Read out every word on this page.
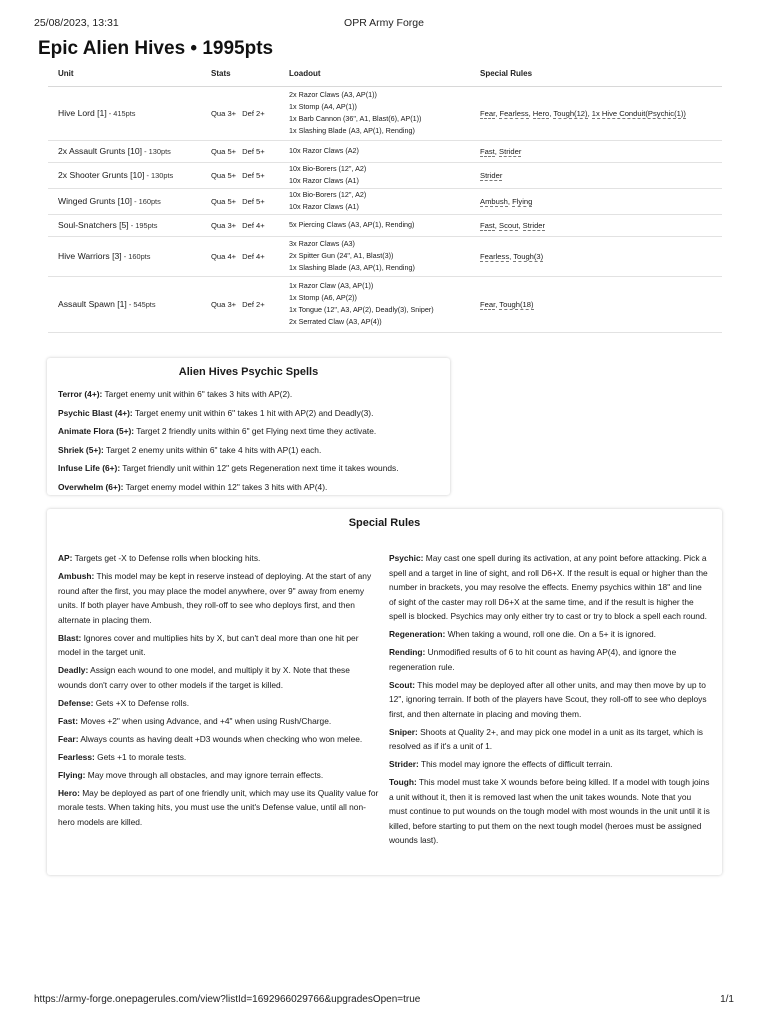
25/08/2023, 13:31	OPR Army Forge
Epic Alien Hives • 1995pts
Unit	Stats	Loadout	Special Rules
Hive Lord [1] - 415pts	Qua 3+ Def 2+	2x Razor Claws (A3, AP(1))
1x Stomp (A4, AP(1))
1x Barb Cannon (36", A1, Blast(6), AP(1))
1x Slashing Blade (A3, AP(1), Rending)	Fear, Fearless, Hero, Tough(12), 1x Hive Conduit(Psychic(1))
2x Assault Grunts [10] - 130pts	Qua 5+ Def 5+	10x Razor Claws (A2)	Fast, Strider
2x Shooter Grunts [10] - 130pts	Qua 5+ Def 5+	10x Bio-Borers (12", A2)
10x Razor Claws (A1)	Strider
Winged Grunts [10] - 160pts	Qua 5+ Def 5+	10x Bio-Borers (12", A2)
10x Razor Claws (A1)	Ambush, Flying
Soul-Snatchers [5] - 195pts	Qua 3+ Def 4+	5x Piercing Claws (A3, AP(1), Rending)	Fast, Scout, Strider
Hive Warriors [3] - 160pts	Qua 4+ Def 4+	3x Razor Claws (A3)
2x Spitter Gun (24", A1, Blast(3))
1x Slashing Blade (A3, AP(1), Rending)	Fearless, Tough(3)
Assault Spawn [1] - 545pts	Qua 3+ Def 2+	1x Razor Claw (A3, AP(1))
1x Stomp (A6, AP(2))
1x Tongue (12", A3, AP(2), Deadly(3), Sniper)
2x Serrated Claw (A3, AP(4))	Fear, Tough(18)
Alien Hives Psychic Spells
Terror (4+): Target enemy unit within 6" takes 3 hits with AP(2).
Psychic Blast (4+): Target enemy unit within 6" takes 1 hit with AP(2) and Deadly(3).
Animate Flora (5+): Target 2 friendly units within 6" get Flying next time they activate.
Shriek (5+): Target 2 enemy units within 6" take 4 hits with AP(1) each.
Infuse Life (6+): Target friendly unit within 12" gets Regeneration next time it takes wounds.
Overwhelm (6+): Target enemy model within 12" takes 3 hits with AP(4).
Special Rules
AP: Targets get -X to Defense rolls when blocking hits.
Ambush: This model may be kept in reserve instead of deploying. At the start of any round after the first, you may place the model anywhere, over 9" away from enemy units. If both player have Ambush, they roll-off to see who deploys first, and then alternate in placing them.
Blast: Ignores cover and multiplies hits by X, but can't deal more than one hit per model in the target unit.
Deadly: Assign each wound to one model, and multiply it by X. Note that these wounds don't carry over to other models if the target is killed.
Defense: Gets +X to Defense rolls.
Fast: Moves +2" when using Advance, and +4" when using Rush/Charge.
Fear: Always counts as having dealt +D3 wounds when checking who won melee.
Fearless: Gets +1 to morale tests.
Flying: May move through all obstacles, and may ignore terrain effects.
Hero: May be deployed as part of one friendly unit, which may use its Quality value for morale tests. When taking hits, you must use the unit's Defense value, until all non-hero models are killed.
Psychic: May cast one spell during its activation, at any point before attacking. Pick a spell and a target in line of sight, and roll D6+X. If the result is equal or higher than the number in brackets, you may resolve the effects. Enemy psychics within 18" and line of sight of the caster may roll D6+X at the same time, and if the result is higher the spell is blocked. Psychics may only either try to cast or try to block a spell each round.
Regeneration: When taking a wound, roll one die. On a 5+ it is ignored.
Rending: Unmodified results of 6 to hit count as having AP(4), and ignore the regeneration rule.
Scout: This model may be deployed after all other units, and may then move by up to 12", ignoring terrain. If both of the players have Scout, they roll-off to see who deploys first, and then alternate in placing and moving them.
Sniper: Shoots at Quality 2+, and may pick one model in a unit as its target, which is resolved as if it's a unit of 1.
Strider: This model may ignore the effects of difficult terrain.
Tough: This model must take X wounds before being killed. If a model with tough joins a unit without it, then it is removed last when the unit takes wounds. Note that you must continue to put wounds on the tough model with most wounds in the unit until it is killed, before starting to put them on the next tough model (heroes must be assigned wounds last).
https://army-forge.onepagerules.com/view?listId=1692966029766&upgradesOpen=true	1/1
